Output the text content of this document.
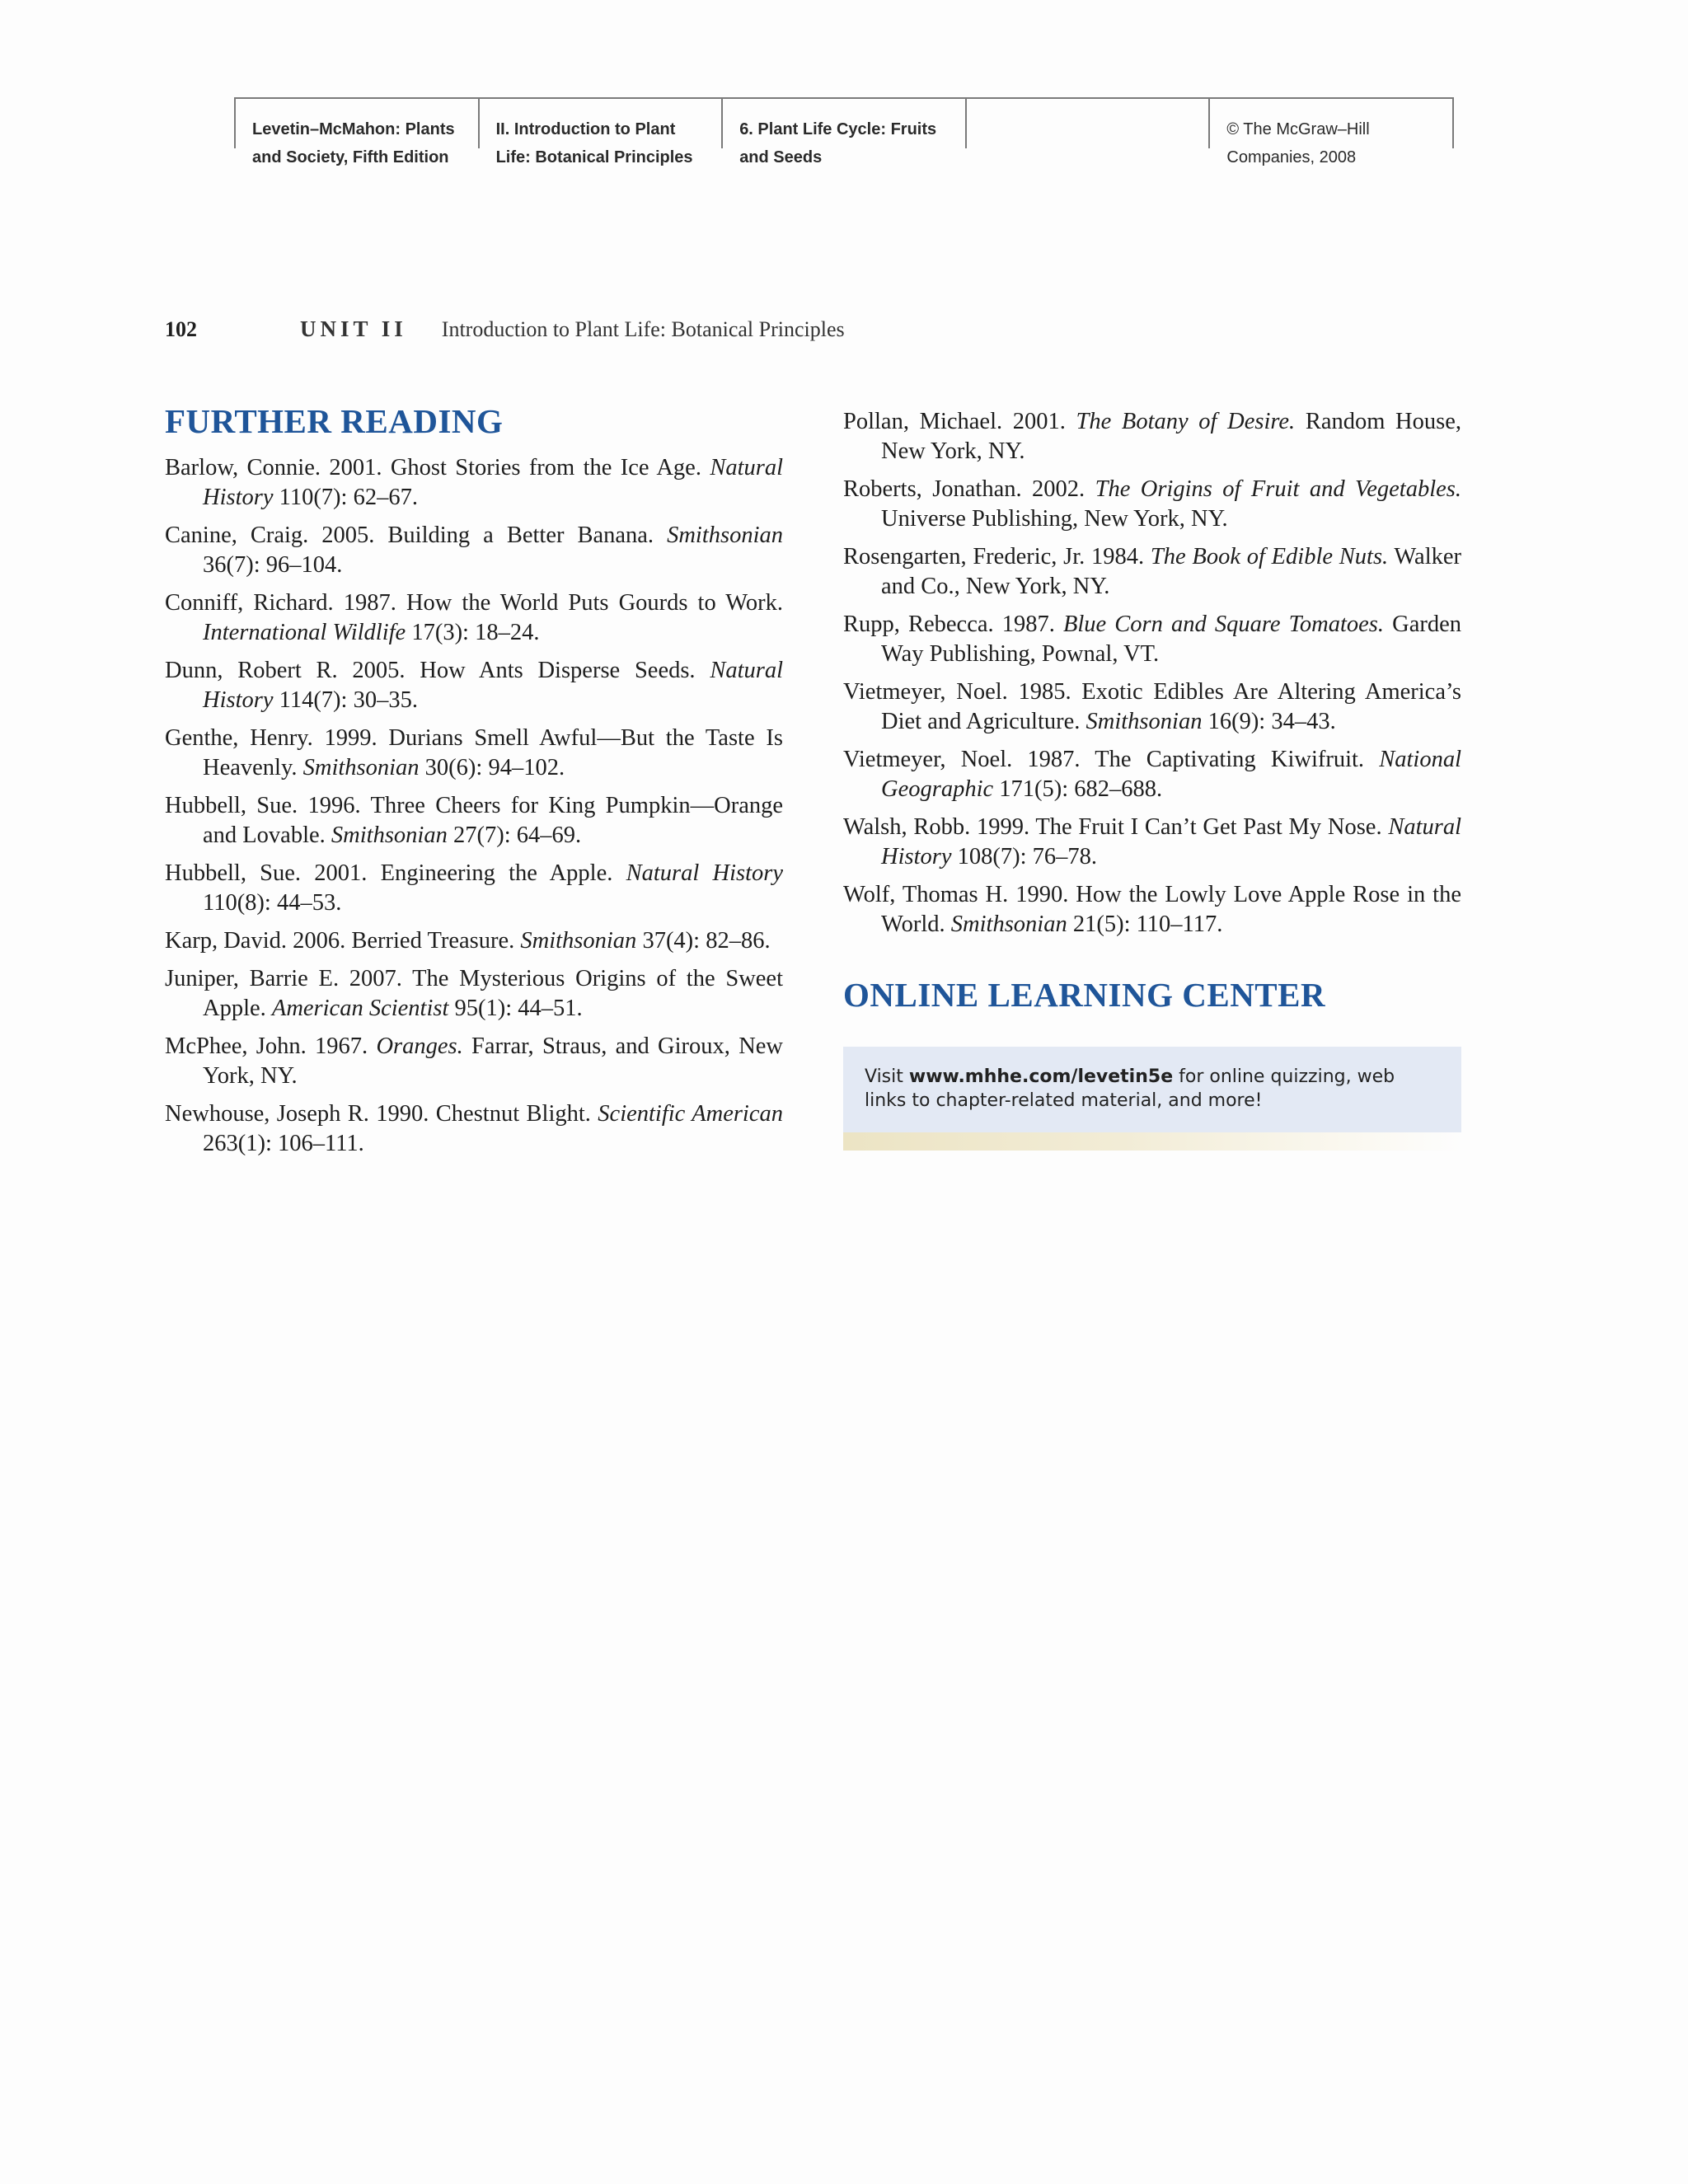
Levetin–McMahon: Plants
and Society, Fifth Edition
II. Introduction to Plant
Life: Botanical Principles
6. Plant Life Cycle: Fruits
and Seeds
© The McGraw–Hill
Companies, 2008
102	UNIT II Introduction to Plant Life: Botanical Principles
FURTHER READING

Barlow, Connie. 2001. Ghost Stories from the Ice Age. Natural History 110(7): 62–67.

Canine, Craig. 2005. Building a Better Banana. Smithsonian 36(7): 96–104.

Conniff, Richard. 1987. How the World Puts Gourds to Work. International Wildlife 17(3): 18–24.

Dunn, Robert R. 2005. How Ants Disperse Seeds. Natural History 114(7): 30–35.

Genthe, Henry. 1999. Durians Smell Awful—But the Taste Is Heavenly. Smithsonian 30(6): 94–102.

Hubbell, Sue. 1996. Three Cheers for King Pumpkin—Orange and Lovable. Smithsonian 27(7): 64–69.

Hubbell, Sue. 2001. Engineering the Apple. Natural History 110(8): 44–53.

Karp, David. 2006. Berried Treasure. Smithsonian 37(4): 82–86.

Juniper, Barrie E. 2007. The Mysterious Origins of the Sweet Apple. American Scientist 95(1): 44–51.

McPhee, John. 1967. Oranges. Farrar, Straus, and Giroux, New York, NY.

Newhouse, Joseph R. 1990. Chestnut Blight. Scientific American 263(1): 106–111.

Pollan, Michael. 2001. The Botany of Desire. Random House, New York, NY.

Roberts, Jonathan. 2002. The Origins of Fruit and Vegetables. Universe Publishing, New York, NY.

Rosengarten, Frederic, Jr. 1984. The Book of Edible Nuts. Walker and Co., New York, NY.

Rupp, Rebecca. 1987. Blue Corn and Square Tomatoes. Garden Way Publishing, Pownal, VT.

Vietmeyer, Noel. 1985. Exotic Edibles Are Altering America’s Diet and Agriculture. Smithsonian 16(9): 34–43.

Vietmeyer, Noel. 1987. The Captivating Kiwifruit. National Geographic 171(5): 682–688.

Walsh, Robb. 1999. The Fruit I Can’t Get Past My Nose. Natural History 108(7): 76–78.

Wolf, Thomas H. 1990. How the Lowly Love Apple Rose in the World. Smithsonian 21(5): 110–117.

ONLINE LEARNING CENTER
Visit www.mhhe.com/levetin5e for online quizzing, web links to chapter-related material, and more!
